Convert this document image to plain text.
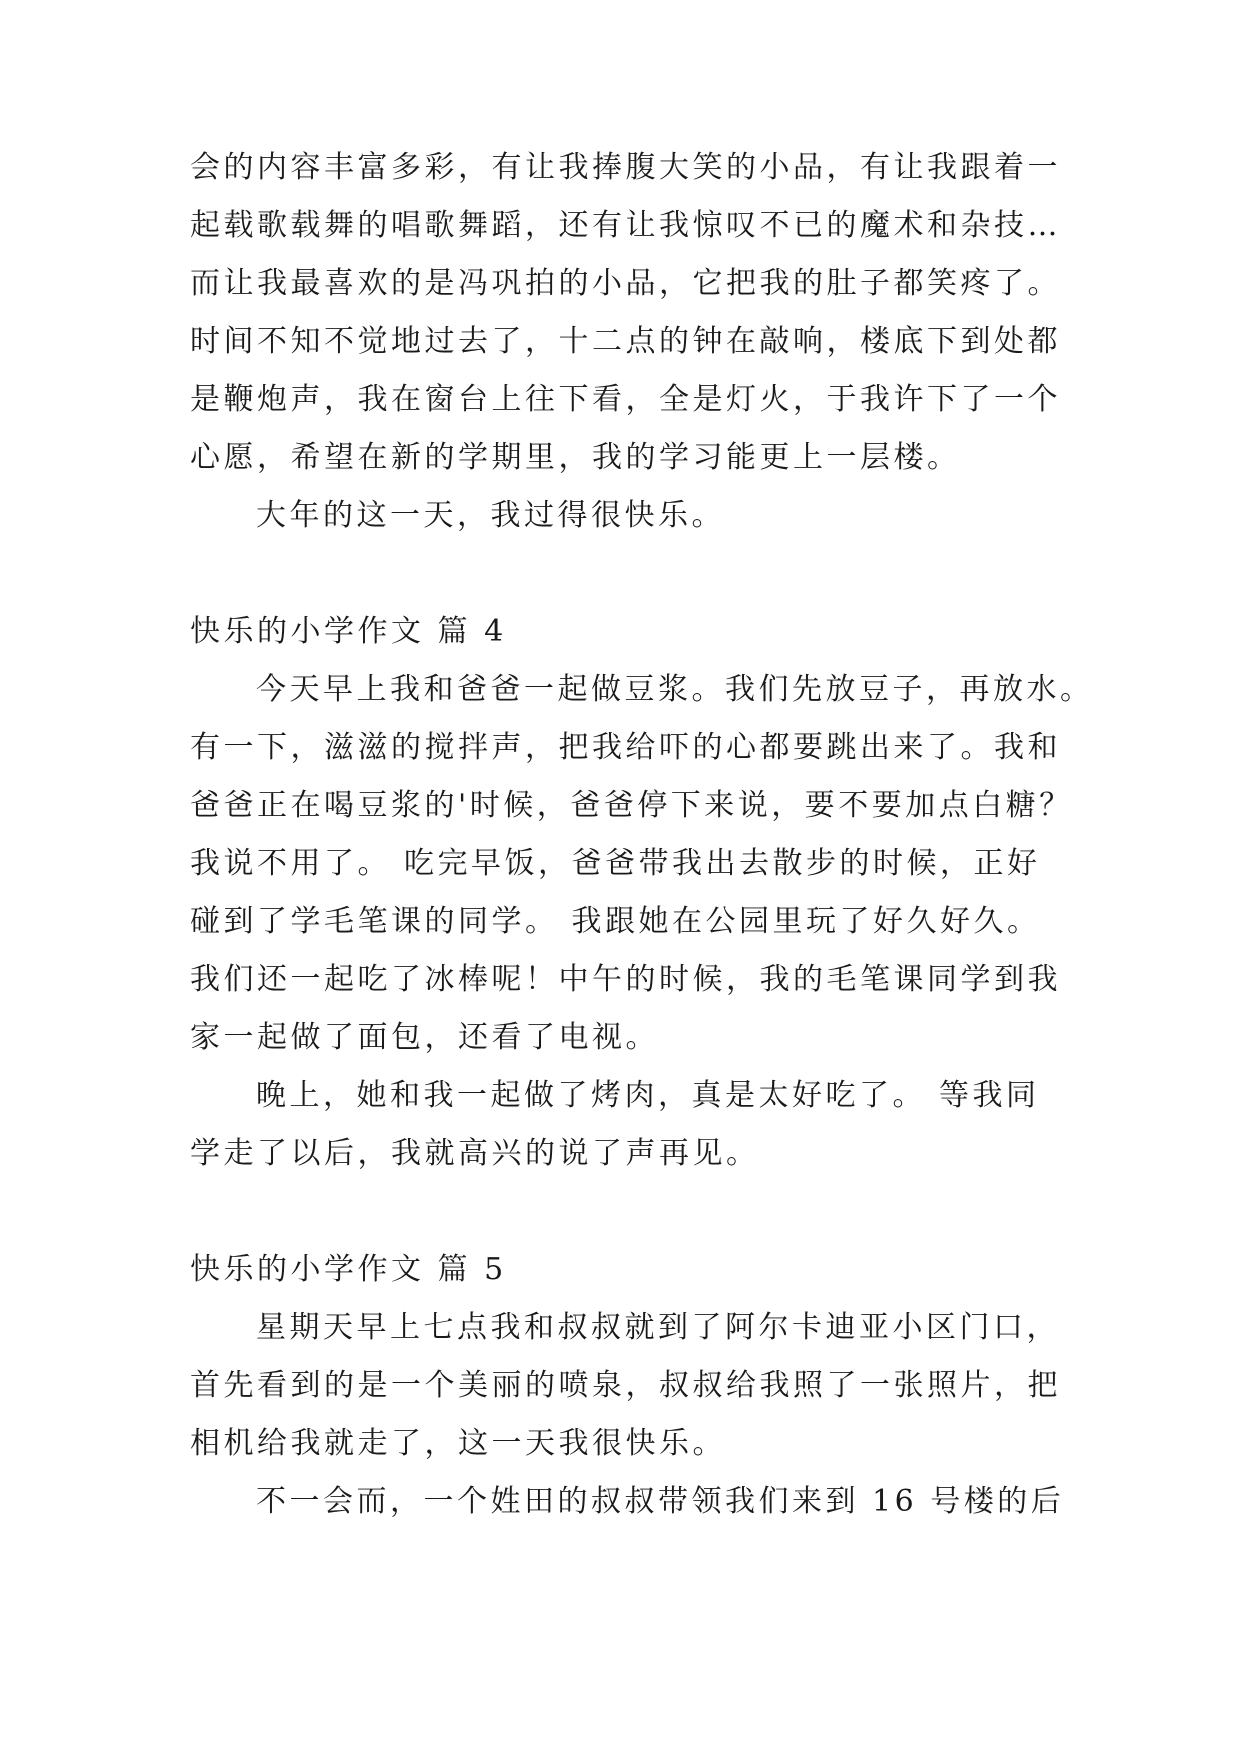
会的内容丰富多彩，有让我捧腹大笑的小品，有让我跟着一
起载歌载舞的唱歌舞蹈，还有让我惊叹不已的魔术和杂技…
而让我最喜欢的是冯巩拍的小品，它把我的肚子都笑疼了。
时间不知不觉地过去了，十二点的钟在敲响，楼底下到处都
是鞭炮声，我在窗台上往下看，全是灯火，于我许下了一个
心愿，希望在新的学期里，我的学习能更上一层楼。
大年的这一天，我过得很快乐。
快乐的小学作文 篇 4
今天早上我和爸爸一起做豆浆。我们先放豆子，再放水。
有一下，滋滋的搅拌声，把我给吓的心都要跳出来了。我和
爸爸正在喝豆浆的'时候，爸爸停下来说，要不要加点白糖？
我说不用了。 吃完早饭，爸爸带我出去散步的时候，正好
碰到了学毛笔课的同学。 我跟她在公园里玩了好久好久。
我们还一起吃了冰棒呢！中午的时候，我的毛笔课同学到我
家一起做了面包，还看了电视。
晚上，她和我一起做了烤肉，真是太好吃了。 等我同
学走了以后，我就高兴的说了声再见。
快乐的小学作文 篇 5
星期天早上七点我和叔叔就到了阿尔卡迪亚小区门口，
首先看到的是一个美丽的喷泉，叔叔给我照了一张照片，把
相机给我就走了，这一天我很快乐。
不一会而，一个姓田的叔叔带领我们来到 16 号楼的后
